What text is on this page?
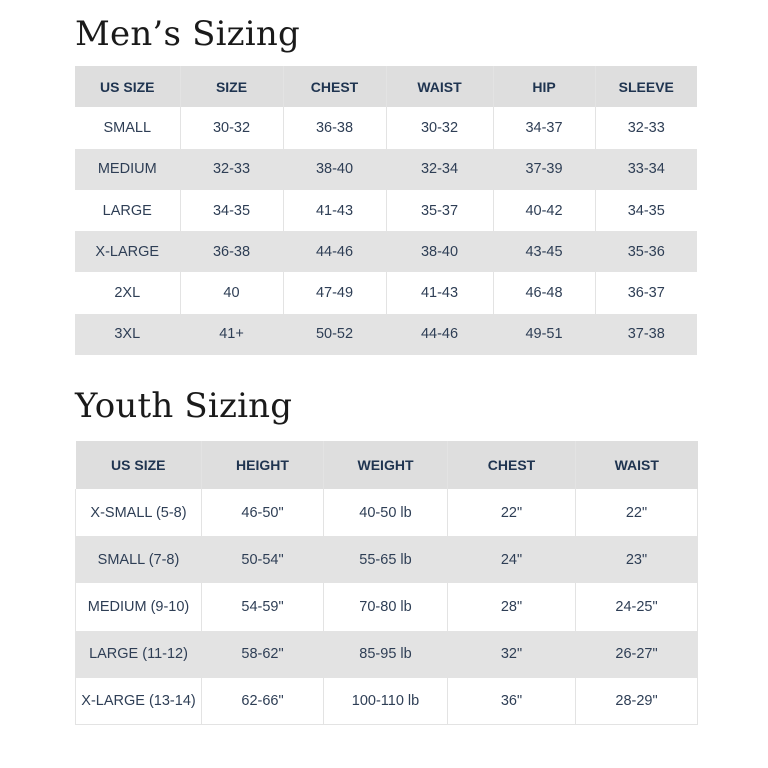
Men’s Sizing
US SIZE	SIZE	CHEST	WAIST	HIP	SLEEVE
SMALL	30-32	36-38	30-32	34-37	32-33
MEDIUM	32-33	38-40	32-34	37-39	33-34
LARGE	34-35	41-43	35-37	40-42	34-35
X-LARGE	36-38	44-46	38-40	43-45	35-36
2XL	40	47-49	41-43	46-48	36-37
3XL	41+	50-52	44-46	49-51	37-38
Youth Sizing
US SIZE	HEIGHT	WEIGHT	CHEST	WAIST
X-SMALL (5-8)	46-50"	40-50 lb	22"	22"
SMALL (7-8)	50-54"	55-65 lb	24"	23"
MEDIUM (9-10)	54-59"	70-80 lb	28"	24-25"
LARGE (11-12)	58-62"	85-95 lb	32"	26-27"
X-LARGE (13-14)	62-66"	100-110 lb	36"	28-29"
